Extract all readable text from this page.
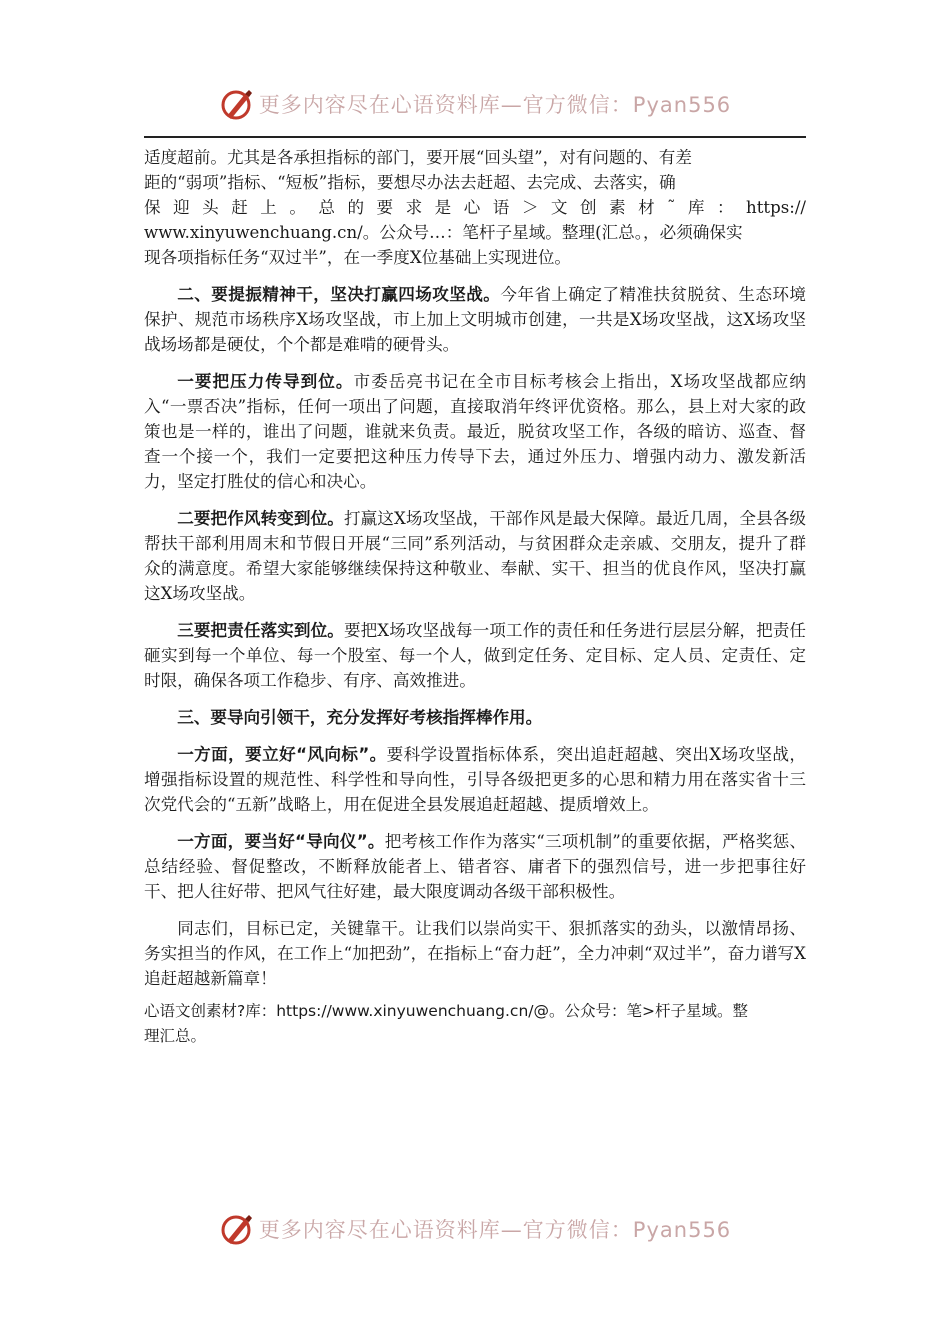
更多内容尽在心语资料库—官方微信：Pyan556
适度超前。尤其是各承担指标的部门，要开展“回头望”，对有问题的、有差
距的“弱项”指标、“短板”指标，要想尽办法去赶超、去完成、去落实，确
保迎头赶上。总的要求是心语＞文创素材˜库：https://
www.xinyuwenchuang.cn/。公众号…：笔杆子星域。整理(汇总。，必须确保实
现各项指标任务“双过半”，在一季度X位基础上实现进位。

二、要提振精神干，坚决打赢四场攻坚战。今年省上确定了精准扶贫脱贫、生态环境保护、规范市场秩序X场攻坚战，市上加上文明城市创建，一共是X场攻坚战，这X场攻坚战场场都是硬仗，个个都是难啃的硬骨头。

一要把压力传导到位。市委岳亮书记在全市目标考核会上指出，X场攻坚战都应纳入“一票否决”指标，任何一项出了问题，直接取消年终评优资格。那么，县上对大家的政策也是一样的，谁出了问题，谁就来负责。最近，脱贫攻坚工作，各级的暗访、巡查、督查一个接一个，我们一定要把这种压力传导下去，通过外压力、增强内动力、激发新活力，坚定打胜仗的信心和决心。

二要把作风转变到位。打赢这X场攻坚战，干部作风是最大保障。最近几周，全县各级帮扶干部利用周末和节假日开展“三同”系列活动，与贫困群众走亲戚、交朋友，提升了群众的满意度。希望大家能够继续保持这种敬业、奉献、实干、担当的优良作风，坚决打赢这X场攻坚战。

三要把责任落实到位。要把X场攻坚战每一项工作的责任和任务进行层层分解，把责任砸实到每一个单位、每一个股室、每一个人，做到定任务、定目标、定人员、定责任、定时限，确保各项工作稳步、有序、高效推进。

三、要导向引领干，充分发挥好考核指挥棒作用。

一方面，要立好“风向标”。要科学设置指标体系，突出追赶超越、突出X场攻坚战，增强指标设置的规范性、科学性和导向性，引导各级把更多的心思和精力用在落实省十三次党代会的“五新”战略上，用在促进全县发展追赶超越、提质增效上。

一方面，要当好“导向仪”。把考核工作作为落实“三项机制”的重要依据，严格奖惩、总结经验、督促整改，不断释放能者上、错者容、庸者下的强烈信号，进一步把事往好干、把人往好带、把风气往好建，最大限度调动各级干部积极性。

同志们，目标已定，关键靠干。让我们以崇尚实干、狠抓落实的劲头，以激情昂扬、务实担当的作风，在工作上“加把劲”，在指标上“奋力赶”，全力冲刺“双过半”，奋力谱写X追赶超越新篇章！

心语文创素材?库：https://www.xinyuwenchuang.cn/@。公众号：笔>杆子星域。整
理汇总。
更多内容尽在心语资料库—官方微信：Pyan556
